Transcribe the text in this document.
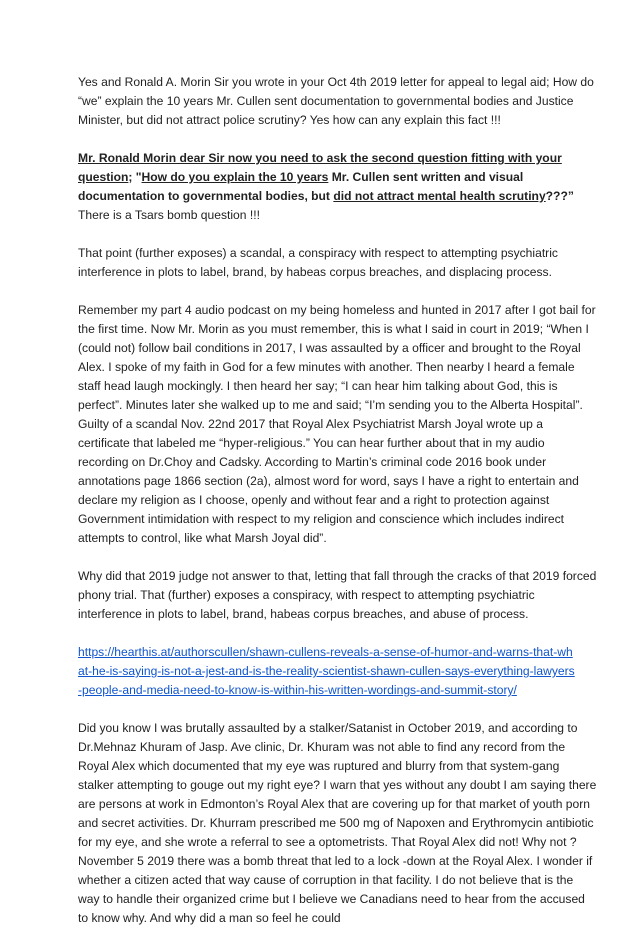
Yes and Ronald A. Morin Sir you wrote in your Oct 4th 2019 letter for appeal to legal aid; How do “we” explain the 10 years Mr. Cullen sent documentation to governmental bodies and Justice Minister, but did not attract police scrutiny? Yes how can any explain this fact !!!

Mr. Ronald Morin dear Sir now you need to ask the second question fitting with your question; "How do you explain the 10 years Mr. Cullen sent written and visual documentation to governmental bodies, but did not attract mental health scrutiny???”
There is a Tsars bomb question !!!

That point (further exposes) a scandal, a conspiracy with respect to attempting psychiatric interference in plots to label, brand, by habeas corpus breaches, and displacing process.

Remember my part 4 audio podcast on my being homeless and hunted in 2017 after I got bail for the first time. Now Mr. Morin as you must remember, this is what I said in court in 2019; “When I (could not) follow bail conditions in 2017, I was assaulted by a officer and brought to the Royal Alex. I spoke of my faith in God for a few minutes with another. Then nearby I heard a female staff head laugh mockingly. I then heard her say; “I can hear him talking about God, this is perfect”. Minutes later she walked up to me and said; “I’m sending you to the Alberta Hospital”. Guilty of a scandal Nov. 22nd 2017 that Royal Alex Psychiatrist Marsh Joyal wrote up a certificate that labeled me “hyper-religious.” You can hear further about that in my audio recording on Dr.Choy and Cadsky. According to Martin’s criminal code 2016 book under annotations page 1866 section (2a), almost word for word, says I have a right to entertain and declare my religion as I choose, openly and without fear and a right to protection against Government intimidation with respect to my religion and conscience which includes indirect attempts to control, like what Marsh Joyal did”.

Why did that 2019 judge not answer to that, letting that fall through the cracks of that 2019 forced phony trial. That (further) exposes a conspiracy, with respect to attempting psychiatric interference in plots to label, brand, habeas corpus breaches, and abuse of process.

https://hearthis.at/authorscullen/shawn-cullens-reveals-a-sense-of-humor-and-warns-that-wh
at-he-is-saying-is-not-a-jest-and-is-the-reality-scientist-shawn-cullen-says-everything-lawyers
-people-and-media-need-to-know-is-within-his-written-wordings-and-summit-story/

Did you know I was brutally assaulted by a stalker/Satanist in October 2019, and according to Dr.Mehnaz Khuram of Jasp. Ave clinic, Dr. Khuram was not able to find any record from the Royal Alex which documented that my eye was ruptured and blurry from that system-gang stalker attempting to gouge out my right eye? I warn that yes without any doubt I am saying there are persons at work in Edmonton’s Royal Alex that are covering up for that market of youth porn and secret activities. Dr. Khurram prescribed me 500 mg of Napoxen and Erythromycin antibiotic for my eye, and she wrote a referral to see a optometrists. That Royal Alex did not! Why not ? November 5 2019 there was a bomb threat that led to a lock -down at the Royal Alex. I wonder if whether a citizen acted that way cause of corruption in that facility. I do not believe that is the way to handle their organized crime but I believe we Canadians need to hear from the accused to know why. And why did a man so feel he could
